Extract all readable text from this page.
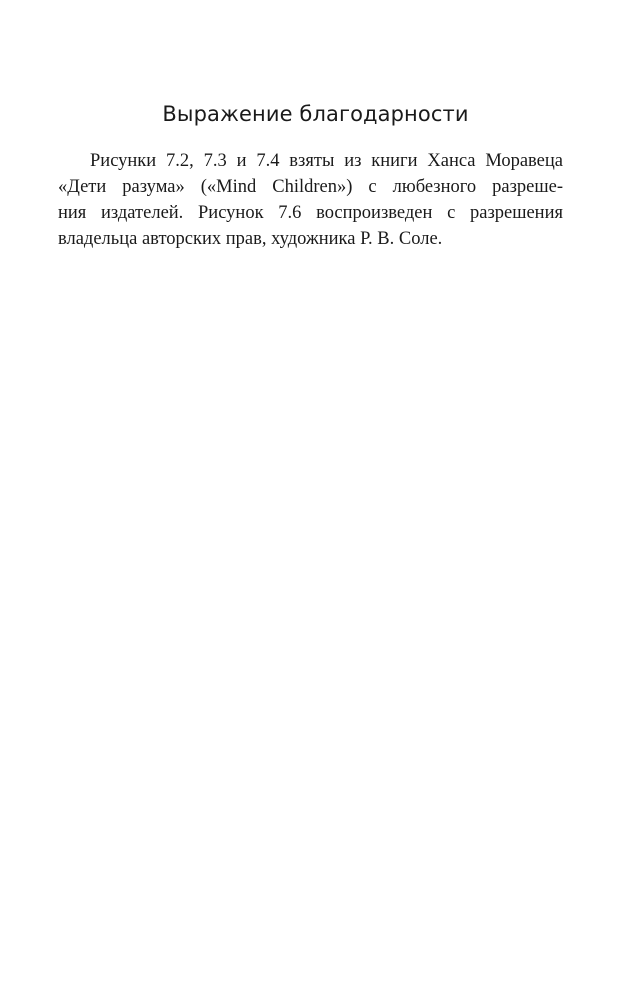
Выражение благодарности
Рисунки 7.2, 7.3 и 7.4 взяты из книги Ханса Моравеца
«Дети разума» («Mind Children») с любезного разреше-
ния издателей. Рисунок 7.6 воспроизведен с разрешения
владельца авторских прав, художника Р. В. Соле.
